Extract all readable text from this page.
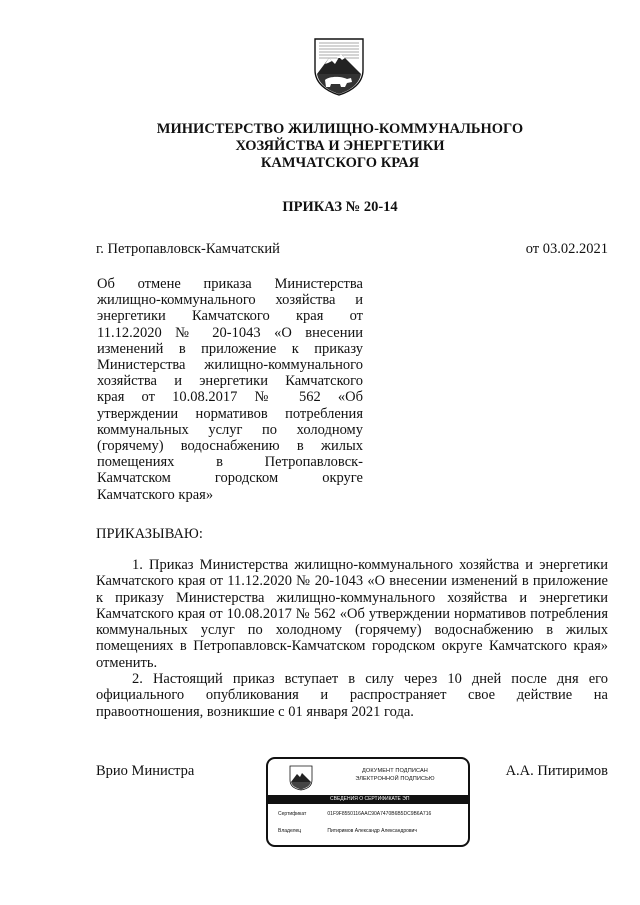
МИНИСТЕРСТВО ЖИЛИЩНО-КОММУНАЛЬНОГО
ХОЗЯЙСТВА И ЭНЕРГЕТИКИ
КАМЧАТСКОГО КРАЯ
ПРИКАЗ № 20-14
г. Петропавловск-Камчатский	от 03.02.2021
Об отмене приказа Министерства
жилищно-коммунального хозяйства и
энергетики Камчатского края от
11.12.2020 № 20-1043 «О внесении
изменений в приложение к приказу
Министерства жилищно-коммунального
хозяйства и энергетики Камчатского
края от 10.08.2017 № 562 «Об
утверждении нормативов потребления
коммунальных услуг по холодному
(горячему) водоснабжению в жилых
помещениях в Петропавловск-
Камчатском городском округе
Камчатского края»
ПРИКАЗЫВАЮ:

1. Приказ Министерства жилищно-коммунального хозяйства и энергетики Камчатского края от 11.12.2020 № 20-1043 «О внесении изменений в приложение к приказу Министерства жилищно-коммунального хозяйства и энергетики Камчатского края от 10.08.2017 № 562 «Об утверждении нормативов потребления коммунальных услуг по холодному (горячему) водоснабжению в жилых помещениях в Петропавловск-Камчатском городском округе Камчатского края» отменить.

2. Настоящий приказ вступает в силу через 10 дней после дня его официального опубликования и распространяет свое действие на правоотношения, возникшие с 01 января 2021 года.

Врио Министра	А.А. Питиримов
ДОКУМЕНТ ПОДПИСАН
ЭЛЕКТРОННОЙ ПОДПИСЬЮ
СВЕДЕНИЯ О СЕРТИФИКАТЕ ЭП
Сертификат	01F9F8550116AAC90A7470B6B5DC9B6A716
Владелец	Питиримов Александр Александрович
